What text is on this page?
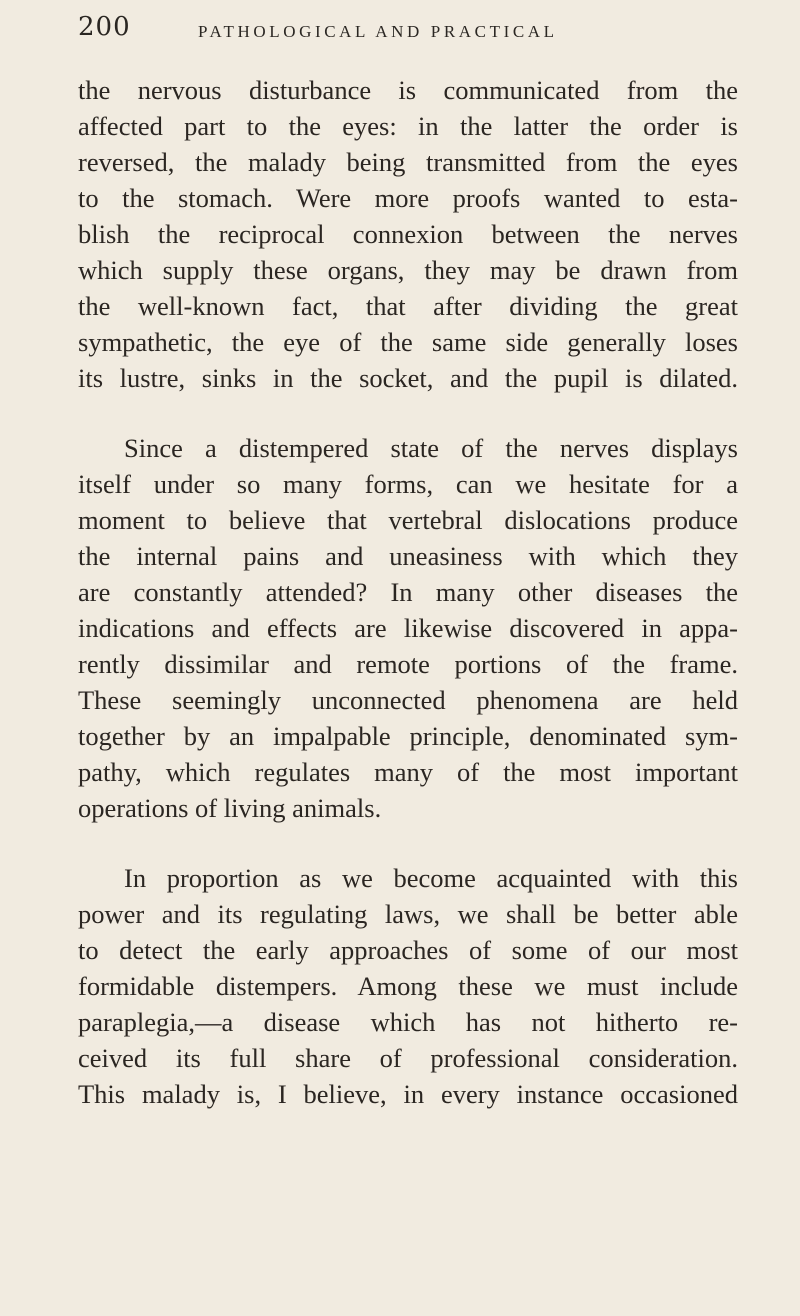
200	PATHOLOGICAL AND PRACTICAL
the nervous disturbance is communicated from the
affected part to the eyes: in the latter the order is
reversed, the malady being transmitted from the eyes
to the stomach. Were more proofs wanted to esta-
blish the reciprocal connexion between the nerves
which supply these organs, they may be drawn from
the well-known fact, that after dividing the great
sympathetic, the eye of the same side generally loses
its lustre, sinks in the socket, and the pupil is dilated.
Since a distempered state of the nerves displays
itself under so many forms, can we hesitate for a
moment to believe that vertebral dislocations produce
the internal pains and uneasiness with which they
are constantly attended? In many other diseases the
indications and effects are likewise discovered in appa-
rently dissimilar and remote portions of the frame.
These seemingly unconnected phenomena are held
together by an impalpable principle, denominated sym-
pathy, which regulates many of the most important
operations of living animals.
In proportion as we become acquainted with this
power and its regulating laws, we shall be better able
to detect the early approaches of some of our most
formidable distempers. Among these we must include
paraplegia,—a disease which has not hitherto re-
ceived its full share of professional consideration.
This malady is, I believe, in every instance occasioned
